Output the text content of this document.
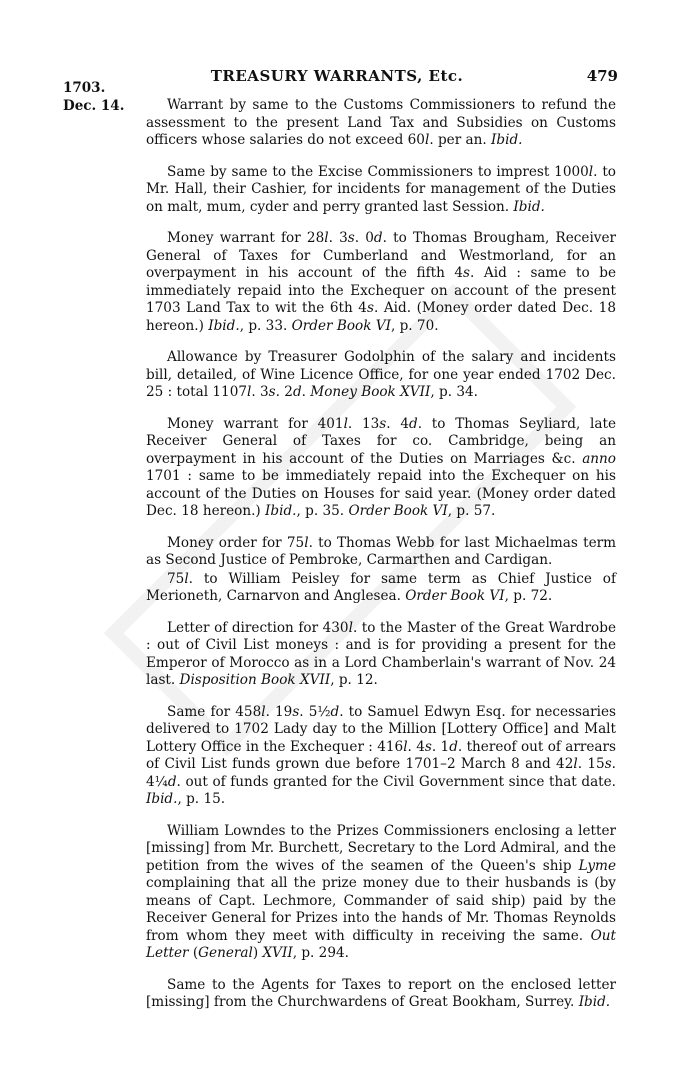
TREASURY WARRANTS, Etc.	479
1703.
Dec. 14.	Warrant by same to the Customs Commissioners to refund the assessment to the present Land Tax and Subsidies on Customs officers whose salaries do not exceed 60l. per an. Ibid.
Same by same to the Excise Commissioners to imprest 1000l. to Mr. Hall, their Cashier, for incidents for management of the Duties on malt, mum, cyder and perry granted last Session. Ibid.
Money warrant for 28l. 3s. 0d. to Thomas Brougham, Receiver General of Taxes for Cumberland and Westmorland, for an overpayment in his account of the fifth 4s. Aid : same to be immediately repaid into the Exchequer on account of the present 1703 Land Tax to wit the 6th 4s. Aid. (Money order dated Dec. 18 hereon.) Ibid., p. 33. Order Book VI, p. 70.
Allowance by Treasurer Godolphin of the salary and incidents bill, detailed, of Wine Licence Office, for one year ended 1702 Dec. 25 : total 1107l. 3s. 2d. Money Book XVII, p. 34.
Money warrant for 401l. 13s. 4d. to Thomas Seyliard, late Receiver General of Taxes for co. Cambridge, being an overpayment in his account of the Duties on Marriages &c. anno 1701 : same to be immediately repaid into the Exchequer on his account of the Duties on Houses for said year. (Money order dated Dec. 18 hereon.) Ibid., p. 35. Order Book VI, p. 57.
Money order for 75l. to Thomas Webb for last Michaelmas term as Second Justice of Pembroke, Carmarthen and Cardigan.
75l. to William Peisley for same term as Chief Justice of Merioneth, Carnarvon and Anglesea. Order Book VI, p. 72.
Letter of direction for 430l. to the Master of the Great Wardrobe : out of Civil List moneys : and is for providing a present for the Emperor of Morocco as in a Lord Chamberlain's warrant of Nov. 24 last. Disposition Book XVII, p. 12.
Same for 458l. 19s. 5½d. to Samuel Edwyn Esq. for necessaries delivered to 1702 Lady day to the Million [Lottery Office] and Malt Lottery Office in the Exchequer : 416l. 4s. 1d. thereof out of arrears of Civil List funds grown due before 1701–2 March 8 and 42l. 15s. 4¼d. out of funds granted for the Civil Government since that date. Ibid., p. 15.
William Lowndes to the Prizes Commissioners enclosing a letter [missing] from Mr. Burchett, Secretary to the Lord Admiral, and the petition from the wives of the seamen of the Queen's ship Lyme complaining that all the prize money due to their husbands is (by means of Capt. Lechmore, Commander of said ship) paid by the Receiver General for Prizes into the hands of Mr. Thomas Reynolds from whom they meet with difficulty in receiving the same. Out Letter (General) XVII, p. 294.
Same to the Agents for Taxes to report on the enclosed letter [missing] from the Churchwardens of Great Bookham, Surrey. Ibid.
